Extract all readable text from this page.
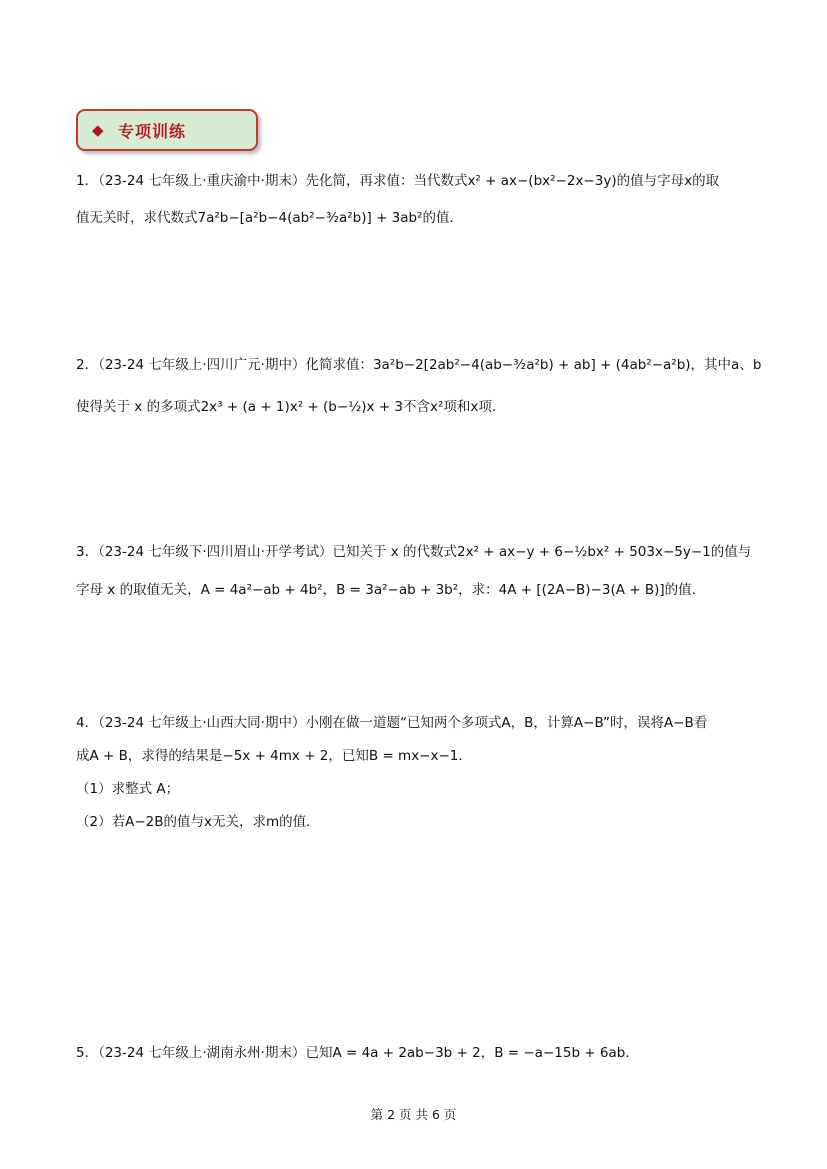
◆ 专项训练
1．（23-24 七年级上·重庆渝中·期末）先化简，再求值：当代数式x² + ax−(bx²−2x−3y)的值与字母x的取
值无关时，求代数式7a²b−[a²b−4(ab²−³⁄₂a²b)] + 3ab²的值．
2．（23-24 七年级上·四川广元·期中）化简求值：3a²b−2[2ab²−4(ab−³⁄₂a²b) + ab] + (4ab²−a²b)，其中a、b
使得关于 x 的多项式2x³ + (a + 1)x² + (b−½)x + 3不含x²项和x项．
3．（23-24 七年级下·四川眉山·开学考试）已知关于 x 的代数式2x² + ax−y + 6−½bx² + 503x−5y−1的值与
字母 x 的取值无关，A = 4a²−ab + 4b²，B = 3a²−ab + 3b²，求：4A + [(2A−B)−3(A + B)]的值．
4．（23-24 七年级上·山西大同·期中）小刚在做一道题“已知两个多项式A，B，计算A−B”时，误将A−B看
成A + B，求得的结果是−5x + 4mx + 2，已知B = mx−x−1．
（1）求整式 A；
（2）若A−2B的值与x无关，求m的值．
5．（23-24 七年级上·湖南永州·期末）已知A = 4a + 2ab−3b + 2，B = −a−15b + 6ab．
第 2 页 共 6 页
